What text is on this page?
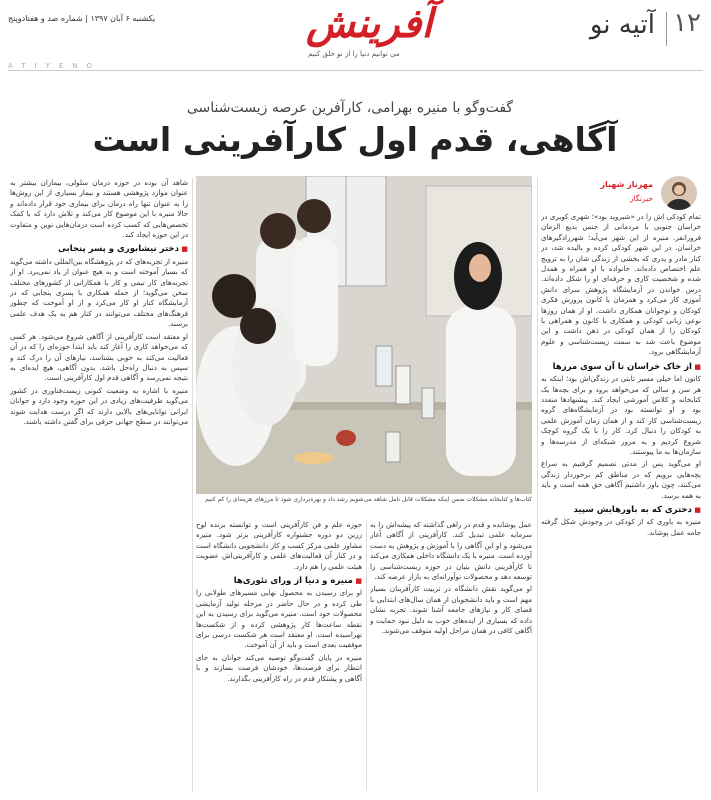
۱۲
آتیه نو
آفرینش
می توانیم دنیا را از نو خلق کنیم
یکشنبه ۶ آبان ۱۳۹۷ | شماره صد و هفتادوپنج
ATIYENO
گفت‌وگو با منیره بهرامی، کارآفرین عرصه زیست‌شناسی
آگاهی، قدم اول کارآفرینی است
مهرناز شهباز
خبرنگار
کتاب‌ها و کتابخانه مشکلات ضمن اینکه مشکلات قابل تامل شاهد می‌شویم رشد داد و بهره‌برداری شود تا مرزهای هزینه‌ای را کم کنیم

تمام کودکی اش را در «شبروید بود»؛ شهری کویری در خراسان جنوبی با مردمانی از جنس بدیع الزمان فروزانفر. منیره از این شهر می‌آید؛ شهرزادگیرهای خراسان. در این شهر کودکی کرده و بالیده شد، در کنار مادر و پدری که بخشی از زندگی شان را به ترویج علم اختصاص داده‌اند. خانواده با او همراه و همدل شده و شخصیت کاری و حرفه‌ای او را شکل داده‌اند. درس خواندن در آزمایشگاه پژوهش سرای دانش آموزی کار می‌کرد و همزمان با کانون پرورش فکری کودکان و نوجوانان همکاری داشت. او از همان روزها نوعی زبانی کودکی و همکاری با کانون و همراهی با کودکان را از همان کودکی در ذهن داشت و این موضوع باعث شد به سمت زیست‌شناسی و علوم آزمایشگاهی برود.

■ از خاک خراسان تا آن سوی مرزها

کانون اما خیلی مسیر ثابتی در زندگی‌اش بود؛ اینکه به هر سن و سالی که می‌خواهد برود و برای بچه‌ها یک کتابخانه و کلاس آموزشی ایجاد کند. پیشنهادها متعدد بود و او توانسته بود در آزمایشگاه‌های گروه زیست‌شناسی کار کند و از همان زمان آموزش علمی به کودکان را دنبال کرد. کار را با یک گروه کوچک شروع کردیم و به مرور شبکه‌ای از مدرسه‌ها و سازمان‌ها به ما پیوستند.

او می‌گوید پس از مدتی تصمیم گرفتیم به سراغ بچه‌هایی برویم که در مناطق کم برخوردار زندگی می‌کنند، چون باور داشتیم آگاهی حق همه است و باید به همه برسد.

■ دختری که به باورهایش سپید

منیره به باوری که از کودکی در وجودش شکل گرفته جامه عمل پوشاند.

شاهد آن بوده در حوزه درمان سلولی، بیماران بیشتر به عنوان موارد پژوهشی هستند و بیمار بسیاری از این روش‌ها را به عنوان تنها راه درمان برای بیماری خود قرار داده‌اند و حالا منیره با این موضوع کار می‌کند و تلاش دارد که با کمک تخصص‌هایی که کسب کرده است درمان‌هایی نوین و متفاوت در این حوزه ایجاد کند.

■ دختر نیشابوری و پسر پنجابی

منیره از تجربه‌های که در پژوهشگاه بین‌المللی داشته می‌گوید که بسیار آموخته است و به هیچ عنوان از یاد نمی‌برد. او از تجربه‌های کار تیمی و کار با همکارانی از کشورهای مختلف سخن می‌گوید؛ از جمله همکاری با پسری پنجابی که در آزمایشگاه کنار او کار می‌کرد و از او آموخت که چطور فرهنگ‌های مختلف می‌توانند در کنار هم به یک هدف علمی برسند.

او معتقد است کارآفرینی از آگاهی شروع می‌شود. هر کسی که می‌خواهد کاری را آغاز کند باید ابتدا حوزه‌ای را که در آن فعالیت می‌کند به خوبی بشناسد، نیازهای آن را درک کند و سپس به دنبال راه‌حل باشد. بدون آگاهی، هیچ ایده‌ای به نتیجه نمی‌رسد و آگاهی قدم اول کارآفرینی است.

منیره با اشاره به وضعیت کنونی زیست‌فناوری در کشور می‌گوید ظرفیت‌های زیادی در این حوزه وجود دارد و جوانان ایرانی توانایی‌های بالایی دارند که اگر درست هدایت شوند می‌توانند در سطح جهانی حرفی برای گفتن داشته باشند.

عمل پوشانده و قدم در راهی گذاشته که پیشه‌اش را به سرمایه علمی تبدیل کند. کارآفرینی از آگاهی آغاز می‌شود و او این آگاهی را با آموزش و پژوهش به دست آورده است. منیره با یک دانشگاه داخلی همکاری می‌کند تا کارآفرینی دانش بنیان در حوزه زیست‌شناسی را توسعه دهد و محصولات نوآورانه‌ای به بازار عرضه کند.

او می‌گوید نقش دانشگاه در تربیت کارآفرینان بسیار مهم است و باید دانشجویان از همان سال‌های ابتدایی با فضای کار و نیازهای جامعه آشنا شوند. تجربه نشان داده که بسیاری از ایده‌های خوب به دلیل نبود حمایت و آگاهی کافی در همان مراحل اولیه متوقف می‌شوند.

حوزه علم و فن کارآفرینی است و توانسته برنده لوح زرین دو دوره جشنواره کارآفرینی برتر شود. منیره مشاور علمی مرکز کسب و کار دانشجویی دانشگاه است و در کنار آن فعالیت‌های علمی و کارآفرینی‌اش عضویت هیئت علمی را هم دارد.

■ منیره و دنیا از ورای تئوری‌ها

او برای رسیدن به محصول نهایی مسیرهای طولانی را طی کرده و در حال حاضر در مرحله تولید آزمایشی محصولات خود است. منیره می‌گوید برای رسیدن به این نقطه ساعت‌ها کار پژوهشی کرده و از شکست‌ها نهراسیده است. او معتقد است هر شکست درسی برای موفقیت بعدی است و باید از آن آموخت.

منیره در پایان گفت‌وگو توصیه می‌کند جوانان به جای انتظار برای فرصت‌ها، خودشان فرصت بسازند و با آگاهی و پشتکار قدم در راه کارآفرینی بگذارند.
